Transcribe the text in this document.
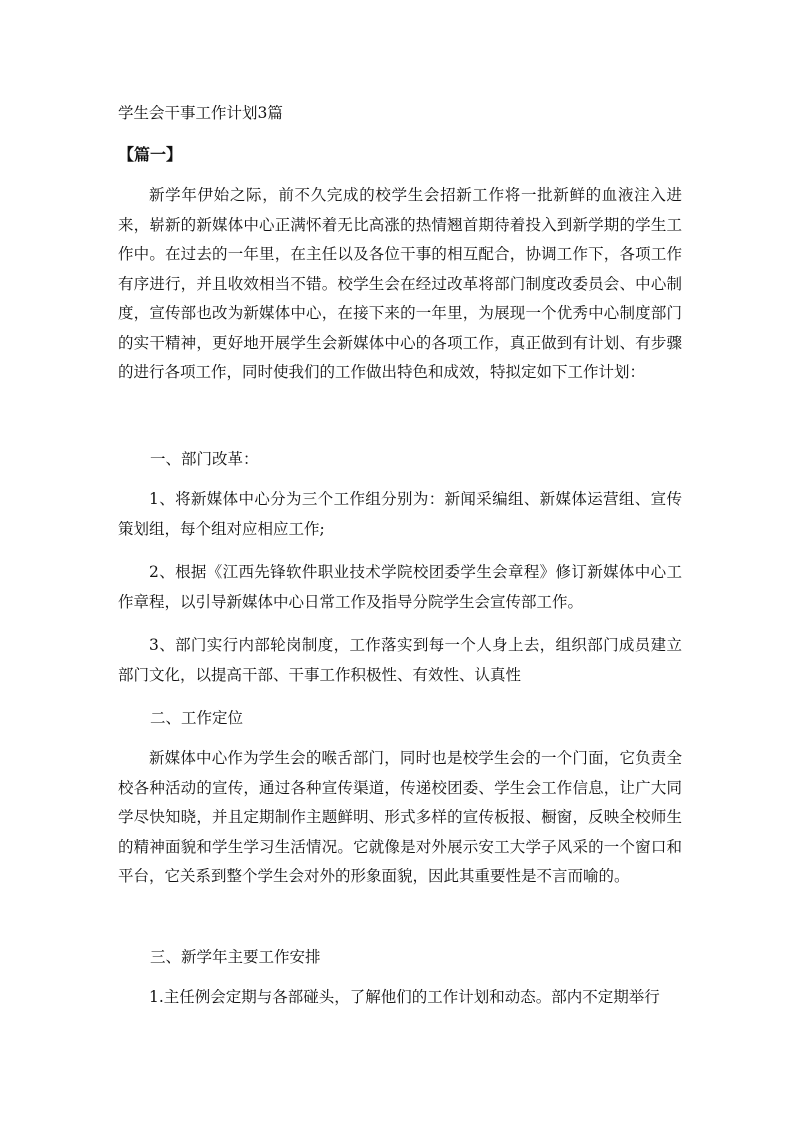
学生会干事工作计划3篇
【篇一】

新学年伊始之际，前不久完成的校学生会招新工作将一批新鲜的血液注入进来，崭新的新媒体中心正满怀着无比高涨的热情翘首期待着投入到新学期的学生工作中。在过去的一年里，在主任以及各位干事的相互配合，协调工作下，各项工作有序进行，并且收效相当不错。校学生会在经过改革将部门制度改委员会、中心制度，宣传部也改为新媒体中心，在接下来的一年里，为展现一个优秀中心制度部门的实干精神，更好地开展学生会新媒体中心的各项工作，真正做到有计划、有步骤的进行各项工作，同时使我们的工作做出特色和成效，特拟定如下工作计划：

一、部门改革：

1、将新媒体中心分为三个工作组分别为：新闻采编组、新媒体运营组、宣传策划组，每个组对应相应工作;

2、根据《江西先锋软件职业技术学院校团委学生会章程》修订新媒体中心工作章程，以引导新媒体中心日常工作及指导分院学生会宣传部工作。

3、部门实行内部轮岗制度，工作落实到每一个人身上去，组织部门成员建立部门文化，以提高干部、干事工作积极性、有效性、认真性

二、工作定位

新媒体中心作为学生会的喉舌部门，同时也是校学生会的一个门面，它负责全校各种活动的宣传，通过各种宣传渠道，传递校团委、学生会工作信息，让广大同学尽快知晓，并且定期制作主题鲜明、形式多样的宣传板报、橱窗，反映全校师生的精神面貌和学生学习生活情况。它就像是对外展示安工大学子风采的一个窗口和平台，它关系到整个学生会对外的形象面貌，因此其重要性是不言而喻的。

三、新学年主要工作安排

1.主任例会定期与各部碰头，了解他们的工作计划和动态。部内不定期举行
